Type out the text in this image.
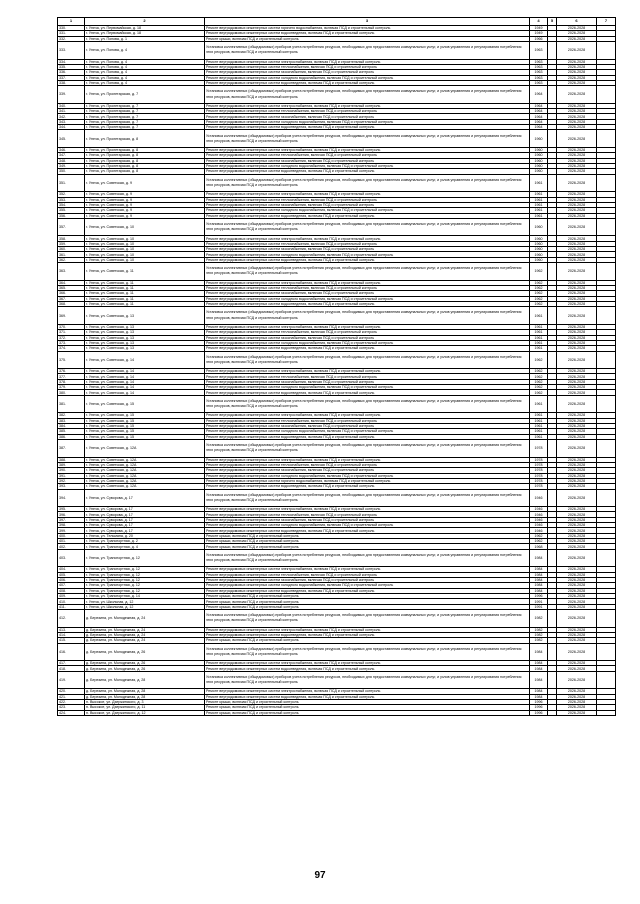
1	2	3	4	5	6	7
330.	г. Унеча, ул. Первомайская, д. 18	Ремонт внутридомовых инженерных систем горячего водоснабжения, включая ПСД и строительный контроль	1949		2026-2028	
331.	г. Унеча, ул. Первомайская, д. 18	Ремонт внутридомовых инженерных систем водоотведения, включая ПСД и строительный контроль	1949		2026-2028	
332.	г. Унеча, ул. Попова, д. 1	Ремонт крыши, включая ПСД и строительный контроль	1966		2026-2028	
333.	г. Унеча, ул. Попова, д. 4	Установка коллективных (общедомовых) приборов учета потребления ресурсов, необходимых для предоставления коммунальных услуг, и узлов управления и регулирования потребления этих ресурсов, включая ПСД и строительный контроль	1963		2026-2028	
334.	г. Унеча, ул. Попова, д. 4	Ремонт внутридомовых инженерных систем электроснабжения, включая ПСД и строительный контроль	1963		2026-2028	
335.	г. Унеча, ул. Попова, д. 4	Ремонт внутридомовых инженерных систем теплоснабжения, включая ПСД и строительный контроль	1963		2026-2028	
336.	г. Унеча, ул. Попова, д. 4	Ремонт внутридомовых инженерных систем газоснабжения, включая ПСД и строительный контроль	1963		2026-2028	
337.	г. Унеча, ул. Попова, д. 4	Ремонт внутридомовых инженерных систем холодного водоснабжения, включая ПСД и строительный контроль	1963		2026-2028	
338.	г. Унеча, ул. Попова, д. 4	Ремонт внутридомовых инженерных систем водоотведения, включая ПСД и строительный контроль	1963		2026-2028	
339.	г. Унеча, ул. Пролетарская, д. 7	Установка коллективных (общедомовых) приборов учета потребления ресурсов, необходимых для предоставления коммунальных услуг, и узлов управления и регулирования потребления этих ресурсов, включая ПСД и строительный контроль	1964		2026-2028	
340.	г. Унеча, ул. Пролетарская, д. 7	Ремонт внутридомовых инженерных систем электроснабжения, включая ПСД и строительный контроль	1964		2026-2028	
341.	г. Унеча, ул. Пролетарская, д. 7	Ремонт внутридомовых инженерных систем теплоснабжения, включая ПСД и строительный контроль	1964		2026-2028	
342.	г. Унеча, ул. Пролетарская, д. 7	Ремонт внутридомовых инженерных систем газоснабжения, включая ПСД и строительный контроль	1964		2026-2028	
343.	г. Унеча, ул. Пролетарская, д. 7	Ремонт внутридомовых инженерных систем холодного водоснабжения, включая ПСД и строительный контроль	1964		2026-2028	
344.	г. Унеча, ул. Пролетарская, д. 7	Ремонт внутридомовых инженерных систем водоотведения, включая ПСД и строительный контроль	1964		2026-2028	
345.	г. Унеча, ул. Пролетарская, д. 8	Установка коллективных (общедомовых) приборов учета потребления ресурсов, необходимых для предоставления коммунальных услуг, и узлов управления и регулирования потребления этих ресурсов, включая ПСД и строительный контроль	1960		2026-2028	
346.	г. Унеча, ул. Пролетарская, д. 8	Ремонт внутридомовых инженерных систем электроснабжения, включая ПСД и строительный контроль	1960		2026-2028	
347.	г. Унеча, ул. Пролетарская, д. 8	Ремонт внутридомовых инженерных систем теплоснабжения, включая ПСД и строительный контроль	1960		2026-2028	
348.	г. Унеча, ул. Пролетарская, д. 8	Ремонт внутридомовых инженерных систем газоснабжения, включая ПСД и строительный контроль	1960		2026-2028	
349.	г. Унеча, ул. Пролетарская, д. 8	Ремонт внутридомовых инженерных систем холодного водоснабжения, включая ПСД и строительный контроль	1960		2026-2028	
350.	г. Унеча, ул. Пролетарская, д. 8	Ремонт внутридомовых инженерных систем водоотведения, включая ПСД и строительный контроль	1960		2026-2028	
351.	г. Унеча, ул. Советская, д. 9	Установка коллективных (общедомовых) приборов учета потребления ресурсов, необходимых для предоставления коммунальных услуг, и узлов управления и регулирования потребления этих ресурсов, включая ПСД и строительный контроль	1961		2026-2028	
352.	г. Унеча, ул. Советская, д. 9	Ремонт внутридомовых инженерных систем электроснабжения, включая ПСД и строительный контроль	1961		2026-2028	
353.	г. Унеча, ул. Советская, д. 9	Ремонт внутридомовых инженерных систем теплоснабжения, включая ПСД и строительный контроль	1961		2026-2028	
354.	г. Унеча, ул. Советская, д. 9	Ремонт внутридомовых инженерных систем газоснабжения, включая ПСД и строительный контроль	1961		2026-2028	
355.	г. Унеча, ул. Советская, д. 9	Ремонт внутридомовых инженерных систем холодного водоснабжения, включая ПСД и строительный контроль	1961		2026-2028	
356.	г. Унеча, ул. Советская, д. 9	Ремонт внутридомовых инженерных систем водоотведения, включая ПСД и строительный контроль	1961		2026-2028	
357.	г. Унеча, ул. Советская, д. 10	Установка коллективных (общедомовых) приборов учета потребления ресурсов, необходимых для предоставления коммунальных услуг, и узлов управления и регулирования потребления этих ресурсов, включая ПСД и строительный контроль	1960		2026-2028	
358.	г. Унеча, ул. Советская, д. 10	Ремонт внутридомовых инженерных систем электроснабжения, включая ПСД и строительный контроль	1960		2026-2028	
359.	г. Унеча, ул. Советская, д. 10	Ремонт внутридомовых инженерных систем теплоснабжения, включая ПСД и строительный контроль	1960		2026-2028	
360.	г. Унеча, ул. Советская, д. 10	Ремонт внутридомовых инженерных систем газоснабжения, включая ПСД и строительный контроль	1960		2026-2028	
361.	г. Унеча, ул. Советская, д. 10	Ремонт внутридомовых инженерных систем холодного водоснабжения, включая ПСД и строительный контроль	1960		2026-2028	
362.	г. Унеча, ул. Советская, д. 10	Ремонт внутридомовых инженерных систем водоотведения, включая ПСД и строительный контроль	1960		2026-2028	
363.	г. Унеча, ул. Советская, д. 11	Установка коллективных (общедомовых) приборов учета потребления ресурсов, необходимых для предоставления коммунальных услуг, и узлов управления и регулирования потребления этих ресурсов, включая ПСД и строительный контроль	1962		2026-2028	
364.	г. Унеча, ул. Советская, д. 11	Ремонт внутридомовых инженерных систем электроснабжения, включая ПСД и строительный контроль	1962		2026-2028	
365.	г. Унеча, ул. Советская, д. 11	Ремонт внутридомовых инженерных систем теплоснабжения, включая ПСД и строительный контроль	1962		2026-2028	
366.	г. Унеча, ул. Советская, д. 11	Ремонт внутридомовых инженерных систем газоснабжения, включая ПСД и строительный контроль	1962		2026-2028	
367.	г. Унеча, ул. Советская, д. 11	Ремонт внутридомовых инженерных систем холодного водоснабжения, включая ПСД и строительный контроль	1962		2026-2028	
368.	г. Унеча, ул. Советская, д. 11	Ремонт внутридомовых инженерных систем водоотведения, включая ПСД и строительный контроль	1962		2026-2028	
369.	г. Унеча, ул. Советская, д. 13	Установка коллективных (общедомовых) приборов учета потребления ресурсов, необходимых для предоставления коммунальных услуг, и узлов управления и регулирования потребления этих ресурсов, включая ПСД и строительный контроль	1961		2026-2028	
370.	г. Унеча, ул. Советская, д. 13	Ремонт внутридомовых инженерных систем электроснабжения, включая ПСД и строительный контроль	1961		2026-2028	
371.	г. Унеча, ул. Советская, д. 13	Ремонт внутридомовых инженерных систем теплоснабжения, включая ПСД и строительный контроль	1961		2026-2028	
372.	г. Унеча, ул. Советская, д. 13	Ремонт внутридомовых инженерных систем газоснабжения, включая ПСД и строительный контроль	1961		2026-2028	
373.	г. Унеча, ул. Советская, д. 13	Ремонт внутридомовых инженерных систем холодного водоснабжения, включая ПСД и строительный контроль	1961		2026-2028	
374.	г. Унеча, ул. Советская, д. 13	Ремонт внутридомовых инженерных систем водоотведения, включая ПСД и строительный контроль	1961		2026-2028	
375.	г. Унеча, ул. Советская, д. 14	Установка коллективных (общедомовых) приборов учета потребления ресурсов, необходимых для предоставления коммунальных услуг, и узлов управления и регулирования потребления этих ресурсов, включая ПСД и строительный контроль	1962		2026-2028	
376.	г. Унеча, ул. Советская, д. 14	Ремонт внутридомовых инженерных систем электроснабжения, включая ПСД и строительный контроль	1962		2026-2028	
377.	г. Унеча, ул. Советская, д. 14	Ремонт внутридомовых инженерных систем теплоснабжения, включая ПСД и строительный контроль	1962		2026-2028	
378.	г. Унеча, ул. Советская, д. 14	Ремонт внутридомовых инженерных систем газоснабжения, включая ПСД и строительный контроль	1962		2026-2028	
379.	г. Унеча, ул. Советская, д. 14	Ремонт внутридомовых инженерных систем холодного водоснабжения, включая ПСД и строительный контроль	1962		2026-2028	
380.	г. Унеча, ул. Советская, д. 14	Ремонт внутридомовых инженерных систем водоотведения, включая ПСД и строительный контроль	1962		2026-2028	
381.	г. Унеча, ул. Советская, д. 15	Установка коллективных (общедомовых) приборов учета потребления ресурсов, необходимых для предоставления коммунальных услуг, и узлов управления и регулирования потребления этих ресурсов, включая ПСД и строительный контроль	1961		2026-2028	
382.	г. Унеча, ул. Советская, д. 15	Ремонт внутридомовых инженерных систем электроснабжения, включая ПСД и строительный контроль	1961		2026-2028	
383.	г. Унеча, ул. Советская, д. 15	Ремонт внутридомовых инженерных систем теплоснабжения, включая ПСД и строительный контроль	1961		2026-2028	
384.	г. Унеча, ул. Советская, д. 15	Ремонт внутридомовых инженерных систем газоснабжения, включая ПСД и строительный контроль	1961		2026-2028	
385.	г. Унеча, ул. Советская, д. 15	Ремонт внутридомовых инженерных систем холодного водоснабжения, включая ПСД и строительный контроль	1961		2026-2028	
386.	г. Унеча, ул. Советская, д. 15	Ремонт внутридомовых инженерных систем водоотведения, включая ПСД и строительный контроль	1961		2026-2028	
387.	г. Унеча, ул. Советская, д. 12А	Установка коллективных (общедомовых) приборов учета потребления ресурсов, необходимых для предоставления коммунальных услуг, и узлов управления и регулирования потребления этих ресурсов, включая ПСД и строительный контроль	1978		2026-2028	
388.	г. Унеча, ул. Советская, д. 12А	Ремонт внутридомовых инженерных систем электроснабжения, включая ПСД и строительный контроль	1978		2026-2028	
389.	г. Унеча, ул. Советская, д. 12А	Ремонт внутридомовых инженерных систем теплоснабжения, включая ПСД и строительный контроль	1978		2026-2028	
390.	г. Унеча, ул. Советская, д. 12А	Ремонт внутридомовых инженерных систем газоснабжения, включая ПСД и строительный контроль	1978		2026-2028	
391.	г. Унеча, ул. Советская, д. 12А	Ремонт внутридомовых инженерных систем холодного водоснабжения, включая ПСД и строительный контроль	1978		2026-2028	
392.	г. Унеча, ул. Советская, д. 12А	Ремонт внутридомовых инженерных систем горячего водоснабжения, включая ПСД и строительный контроль	1978		2026-2028	
393.	г. Унеча, ул. Советская, д. 12А	Ремонт внутридомовых инженерных систем водоотведения, включая ПСД и строительный контроль	1978		2026-2028	
394.	г. Унеча, ул. Суворова, д. 17	Установка коллективных (общедомовых) приборов учета потребления ресурсов, необходимых для предоставления коммунальных услуг, и узлов управления и регулирования потребления этих ресурсов, включая ПСД и строительный контроль	1946		2026-2028	
395.	г. Унеча, ул. Суворова, д. 17	Ремонт внутридомовых инженерных систем электроснабжения, включая ПСД и строительный контроль	1946		2026-2028	
396.	г. Унеча, ул. Суворова, д. 17	Ремонт внутридомовых инженерных систем теплоснабжения, включая ПСД и строительный контроль	1946		2026-2028	
397.	г. Унеча, ул. Суворова, д. 17	Ремонт внутридомовых инженерных систем газоснабжения, включая ПСД и строительный контроль	1946		2026-2028	
398.	г. Унеча, ул. Суворова, д. 17	Ремонт внутридомовых инженерных систем холодного водоснабжения, включая ПСД и строительный контроль	1946		2026-2028	
399.	г. Унеча, ул. Суворова, д. 17	Ремонт внутридомовых инженерных систем водоотведения, включая ПСД и строительный контроль	1946		2026-2028	
400.	г. Унеча, ул. Тельмана, д. 20	Ремонт крыши, включая ПСД и строительный контроль	1962		2026-2028	
401.	г. Унеча, ул. Транспортная, д. 2	Ремонт крыши, включая ПСД и строительный контроль	1962		2026-2028	
402.	г. Унеча, ул. Транспортная, д. 4	Ремонт крыши, включая ПСД и строительный контроль	1968		2026-2028	
403.	г. Унеча, ул. Транспортная, д. 12	Установка коллективных (общедомовых) приборов учета потребления ресурсов, необходимых для предоставления коммунальных услуг, и узлов управления и регулирования потребления этих ресурсов, включая ПСД и строительный контроль	1984		2026-2028	
404.	г. Унеча, ул. Транспортная, д. 12	Ремонт внутридомовых инженерных систем электроснабжения, включая ПСД и строительный контроль	1984		2026-2028	
405.	г. Унеча, ул. Транспортная, д. 12	Ремонт внутридомовых инженерных систем теплоснабжения, включая ПСД и строительный контроль	1984		2026-2028	
406.	г. Унеча, ул. Транспортная, д. 12	Ремонт внутридомовых инженерных систем газоснабжения, включая ПСД и строительный контроль	1984		2026-2028	
407.	г. Унеча, ул. Транспортная, д. 12	Ремонт внутридомовых инженерных систем холодного водоснабжения, включая ПСД и строительный контроль	1984		2026-2028	
408.	г. Унеча, ул. Транспортная, д. 12	Ремонт внутридомовых инженерных систем водоотведения, включая ПСД и строительный контроль	1984		2026-2028	
409.	г. Унеча, ул. Транспортная, д. 14	Ремонт крыши, включая ПСД и строительный контроль	1996		2026-2028	
410.	г. Унеча, ул. Школьная, д. 12	Ремонт крыши, включая ПСД и строительный контроль	1991		2026-2028	
411.	г. Унеча, ул. Школьная, д. 12	Ремонт крыши, включая ПСД и строительный контроль	1991		2026-2028	
412.	д. Березина, ул. Молодежная, д. 24	Установка коллективных (общедомовых) приборов учета потребления ресурсов, необходимых для предоставления коммунальных услуг, и узлов управления и регулирования потребления этих ресурсов, включая ПСД и строительный контроль	1982		2026-2028	
413.	д. Березина, ул. Молодежная, д. 24	Ремонт внутридомовых инженерных систем электроснабжения, включая ПСД и строительный контроль	1982		2026-2028	
414.	д. Березина, ул. Молодежная, д. 24	Ремонт внутридомовых инженерных систем водоотведения, включая ПСД и строительный контроль	1982		2026-2028	
415.	д. Березина, ул. Молодежная, д. 24	Ремонт крыши, включая ПСД и строительный контроль	1982		2026-2028	
416.	д. Березина, ул. Молодежная, д. 26	Установка коллективных (общедомовых) приборов учета потребления ресурсов, необходимых для предоставления коммунальных услуг, и узлов управления и регулирования потребления этих ресурсов, включая ПСД и строительный контроль	1984		2026-2028	
417.	д. Березина, ул. Молодежная, д. 26	Ремонт внутридомовых инженерных систем электроснабжения, включая ПСД и строительный контроль	1984		2026-2028	
418.	д. Березина, ул. Молодежная, д. 26	Ремонт внутридомовых инженерных систем водоотведения, включая ПСД и строительный контроль	1984		2026-2028	
419.	д. Березина, ул. Молодежная, д. 28	Установка коллективных (общедомовых) приборов учета потребления ресурсов, необходимых для предоставления коммунальных услуг, и узлов управления и регулирования потребления этих ресурсов, включая ПСД и строительный контроль	1984		2026-2028	
420.	д. Березина, ул. Молодежная, д. 28	Ремонт внутридомовых инженерных систем электроснабжения, включая ПСД и строительный контроль	1984		2026-2028	
421.	д. Березина, ул. Молодежная, д. 28	Ремонт внутридомовых инженерных систем водоотведения, включая ПСД и строительный контроль	1984		2026-2028	
422.	п. Высокое, ул. Дзержинского, д. 3	Ремонт крыши, включая ПСД и строительный контроль	1996		2026-2028	
423.	п. Высокое, ул. Дзержинского, д. 11	Ремонт крыши, включая ПСД и строительный контроль	1996		2026-2028	
424.	п. Высокое, ул. Дзержинского, д. 12	Ремонт крыши, включая ПСД и строительный контроль	1996		2026-2028	
97
